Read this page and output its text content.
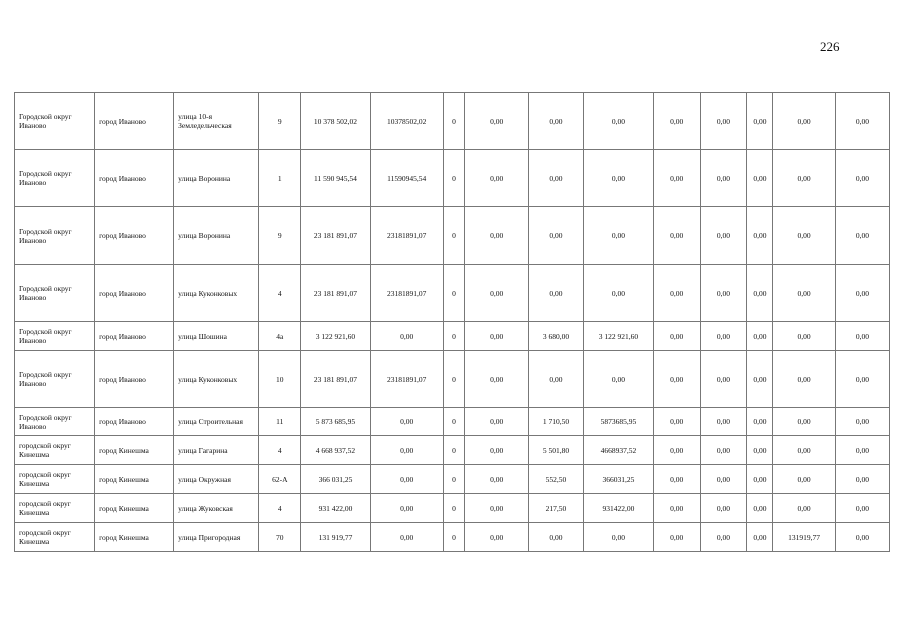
226
Городской округ Иваново	город Иваново	улица 10-я Земледельческая	9	10 378 502,02	10378502,02	0	0,00	0,00	0,00	0,00	0,00	0,00	0,00	0,00
Городской округ Иваново	город Иваново	улица Воронина	1	11 590 945,54	11590945,54	0	0,00	0,00	0,00	0,00	0,00	0,00	0,00	0,00
Городской округ Иваново	город Иваново	улица Воронина	9	23 181 891,07	23181891,07	0	0,00	0,00	0,00	0,00	0,00	0,00	0,00	0,00
Городской округ Иваново	город Иваново	улица Куконковых	4	23 181 891,07	23181891,07	0	0,00	0,00	0,00	0,00	0,00	0,00	0,00	0,00
Городской округ Иваново	город Иваново	улица Шошина	4а	3 122 921,60	0,00	0	0,00	3 680,00	3 122 921,60	0,00	0,00	0,00	0,00	0,00
Городской округ Иваново	город Иваново	улица Куконковых	10	23 181 891,07	23181891,07	0	0,00	0,00	0,00	0,00	0,00	0,00	0,00	0,00
Городской округ Иваново	город Иваново	улица Строительная	11	5 873 685,95	0,00	0	0,00	1 710,50	5873685,95	0,00	0,00	0,00	0,00	0,00
городской округ Кинешма	город Кинешма	улица Гагарина	4	4 668 937,52	0,00	0	0,00	5 501,80	4668937,52	0,00	0,00	0,00	0,00	0,00
городской округ Кинешма	город Кинешма	улица Окружная	62-А	366 031,25	0,00	0	0,00	552,50	366031,25	0,00	0,00	0,00	0,00	0,00
городской округ Кинешма	город Кинешма	улица Жуковская	4	931 422,00	0,00	0	0,00	217,50	931422,00	0,00	0,00	0,00	0,00	0,00
городской округ Кинешма	город Кинешма	улица Пригородная	70	131 919,77	0,00	0	0,00	0,00	0,00	0,00	0,00	0,00	131919,77	0,00
